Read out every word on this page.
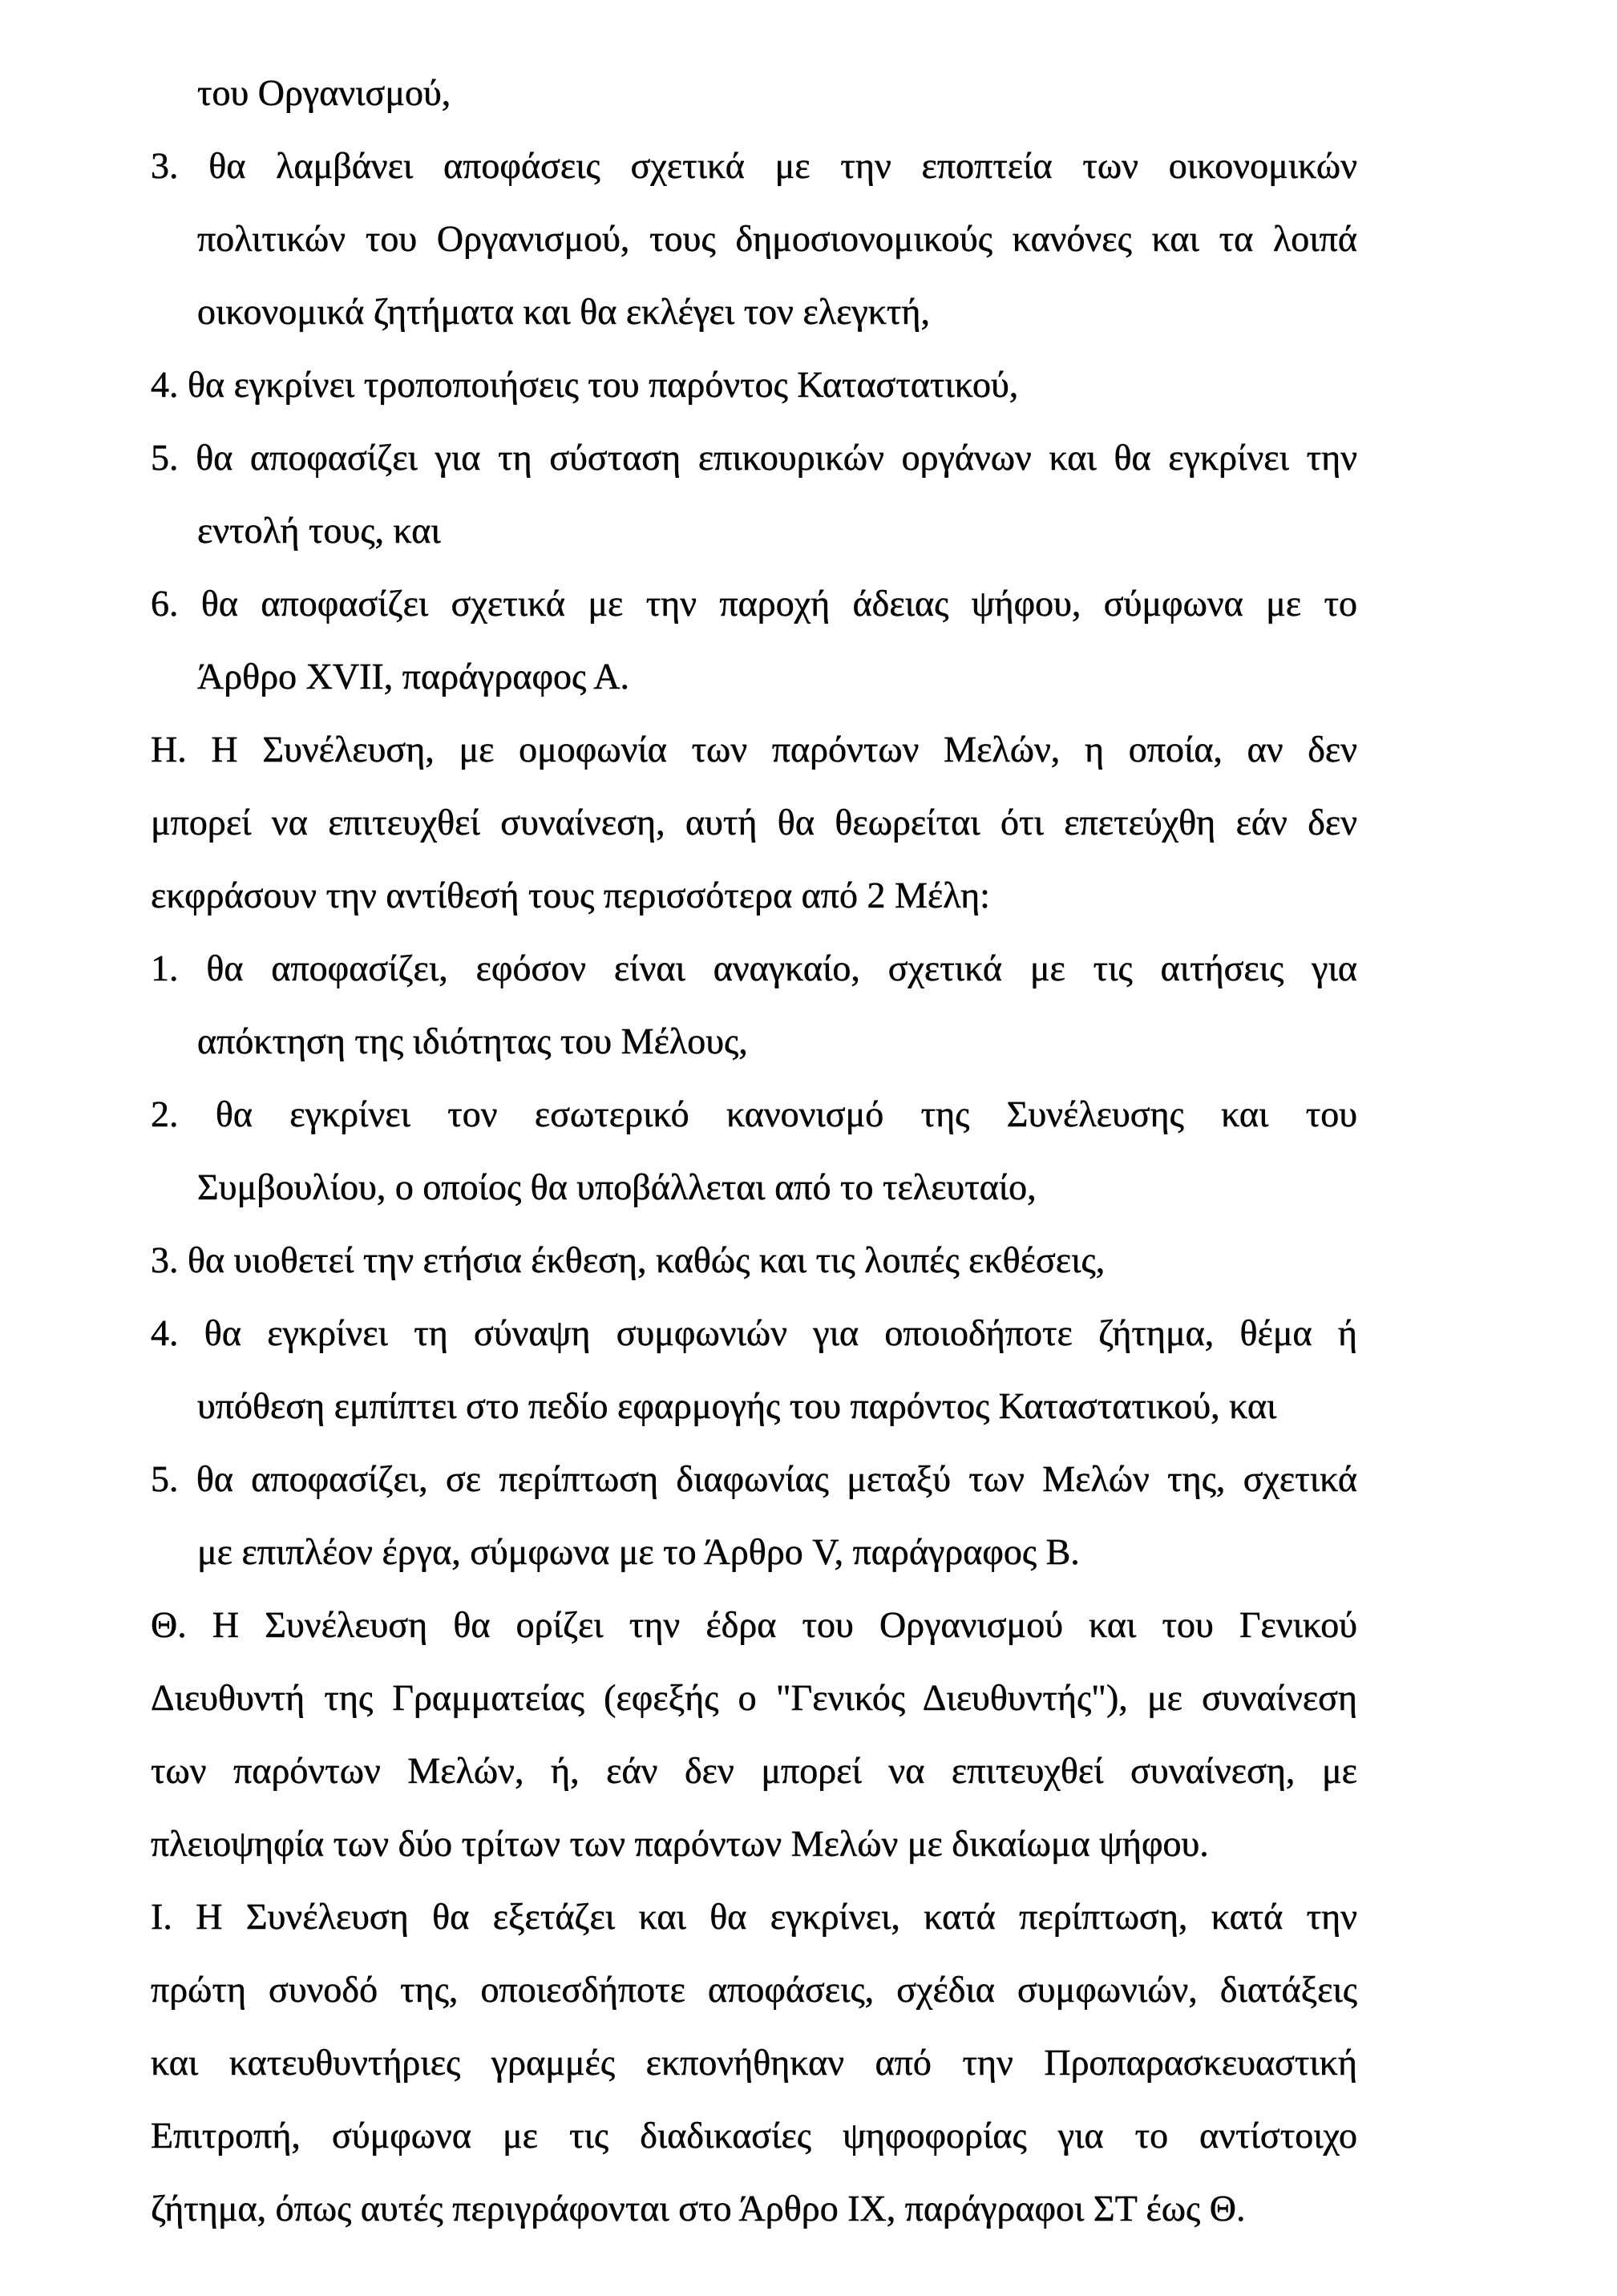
του Οργανισμού,
3. θα λαμβάνει αποφάσεις σχετικά με την εποπτεία των οικονομικών
πολιτικών του Οργανισμού, τους δημοσιονομικούς κανόνες και τα λοιπά
οικονομικά ζητήματα και θα εκλέγει τον ελεγκτή,
4. θα εγκρίνει τροποποιήσεις του παρόντος Καταστατικού,
5. θα αποφασίζει για τη σύσταση επικουρικών οργάνων και θα εγκρίνει την
εντολή τους, και
6. θα αποφασίζει σχετικά με την παροχή άδειας ψήφου, σύμφωνα με το
Άρθρο XVII, παράγραφος Α.
Η. Η Συνέλευση, με ομοφωνία των παρόντων Μελών, η οποία, αν δεν
μπορεί να επιτευχθεί συναίνεση, αυτή θα θεωρείται ότι επετεύχθη εάν δεν
εκφράσουν την αντίθεσή τους περισσότερα από 2 Μέλη:
1. θα αποφασίζει, εφόσον είναι αναγκαίο, σχετικά με τις αιτήσεις για
απόκτηση της ιδιότητας του Μέλους,
2. θα εγκρίνει τον εσωτερικό κανονισμό της Συνέλευσης και του
Συμβουλίου, ο οποίος θα υποβάλλεται από το τελευταίο,
3. θα υιοθετεί την ετήσια έκθεση, καθώς και τις λοιπές εκθέσεις,
4. θα εγκρίνει τη σύναψη συμφωνιών για οποιοδήποτε ζήτημα, θέμα ή
υπόθεση εμπίπτει στο πεδίο εφαρμογής του παρόντος Καταστατικού, και
5. θα αποφασίζει, σε περίπτωση διαφωνίας μεταξύ των Μελών της, σχετικά
με επιπλέον έργα, σύμφωνα με το Άρθρο V, παράγραφος Β.
Θ. Η Συνέλευση θα ορίζει την έδρα του Οργανισμού και του Γενικού
Διευθυντή της Γραμματείας (εφεξής ο "Γενικός Διευθυντής"), με συναίνεση
των παρόντων Μελών, ή, εάν δεν μπορεί να επιτευχθεί συναίνεση, με
πλειοψηφία των δύο τρίτων των παρόντων Μελών με δικαίωμα ψήφου.
Ι. Η Συνέλευση θα εξετάζει και θα εγκρίνει, κατά περίπτωση, κατά την
πρώτη συνοδό της, οποιεσδήποτε αποφάσεις, σχέδια συμφωνιών, διατάξεις
και κατευθυντήριες γραμμές εκπονήθηκαν από την Προπαρασκευαστική
Επιτροπή, σύμφωνα με τις διαδικασίες ψηφοφορίας για το αντίστοιχο
ζήτημα, όπως αυτές περιγράφονται στο Άρθρο IX, παράγραφοι ΣΤ έως Θ.
